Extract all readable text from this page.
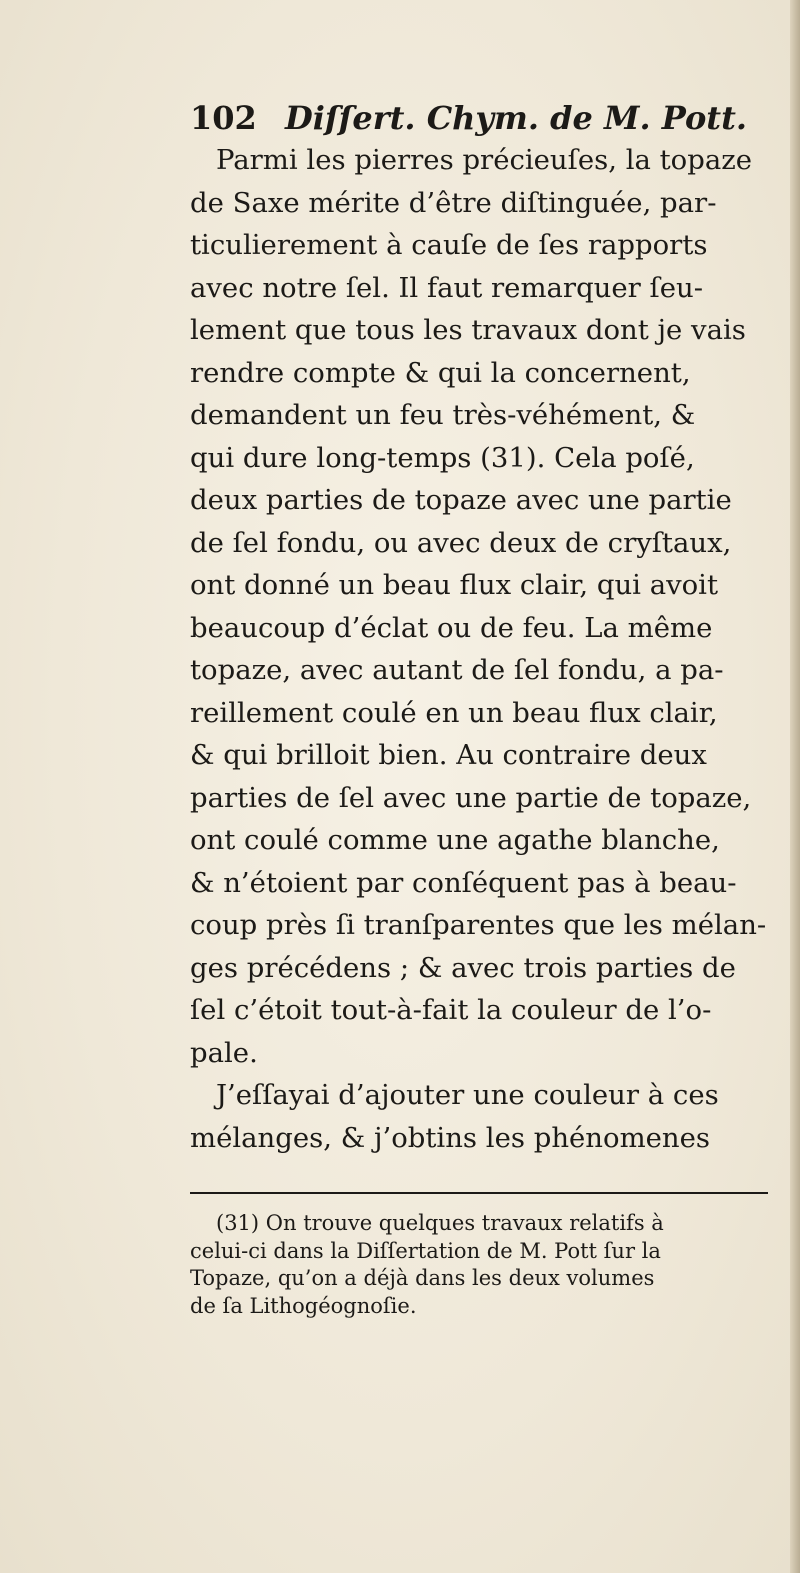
102 Diſſert. Chym. de M. Pott.
Parmi les pierres précieuſes, la topaze
de Saxe mérite d’être diſtinguée, par-
ticulierement à cauſe de ſes rapports
avec notre ſel. Il faut remarquer ſeu-
lement que tous les travaux dont je vais
rendre compte & qui la concernent,
demandent un feu très-véhément, &
qui dure long-temps (31). Cela poſé,
deux parties de topaze avec une partie
de ſel fondu, ou avec deux de cryſtaux,
ont donné un beau flux clair, qui avoit
beaucoup d’éclat ou de feu. La même
topaze, avec autant de ſel fondu, a pa-
reillement coulé en un beau flux clair,
& qui brilloit bien. Au contraire deux
parties de ſel avec une partie de topaze,
ont coulé comme une agathe blanche,
& n’étoient par conſéquent pas à beau-
coup près ſi tranſparentes que les mélan-
ges précédens ; & avec trois parties de
ſel c’étoit tout-à-fait la couleur de l’o-
pale.
J’eſſayai d’ajouter une couleur à ces
mélanges, & j’obtins les phénomenes
(31) On trouve quelques travaux relatifs à
celui-ci dans la Diſſertation de M. Pott ſur la
Topaze, qu’on a déjà dans les deux volumes
de ſa Lithogéognoſie.
